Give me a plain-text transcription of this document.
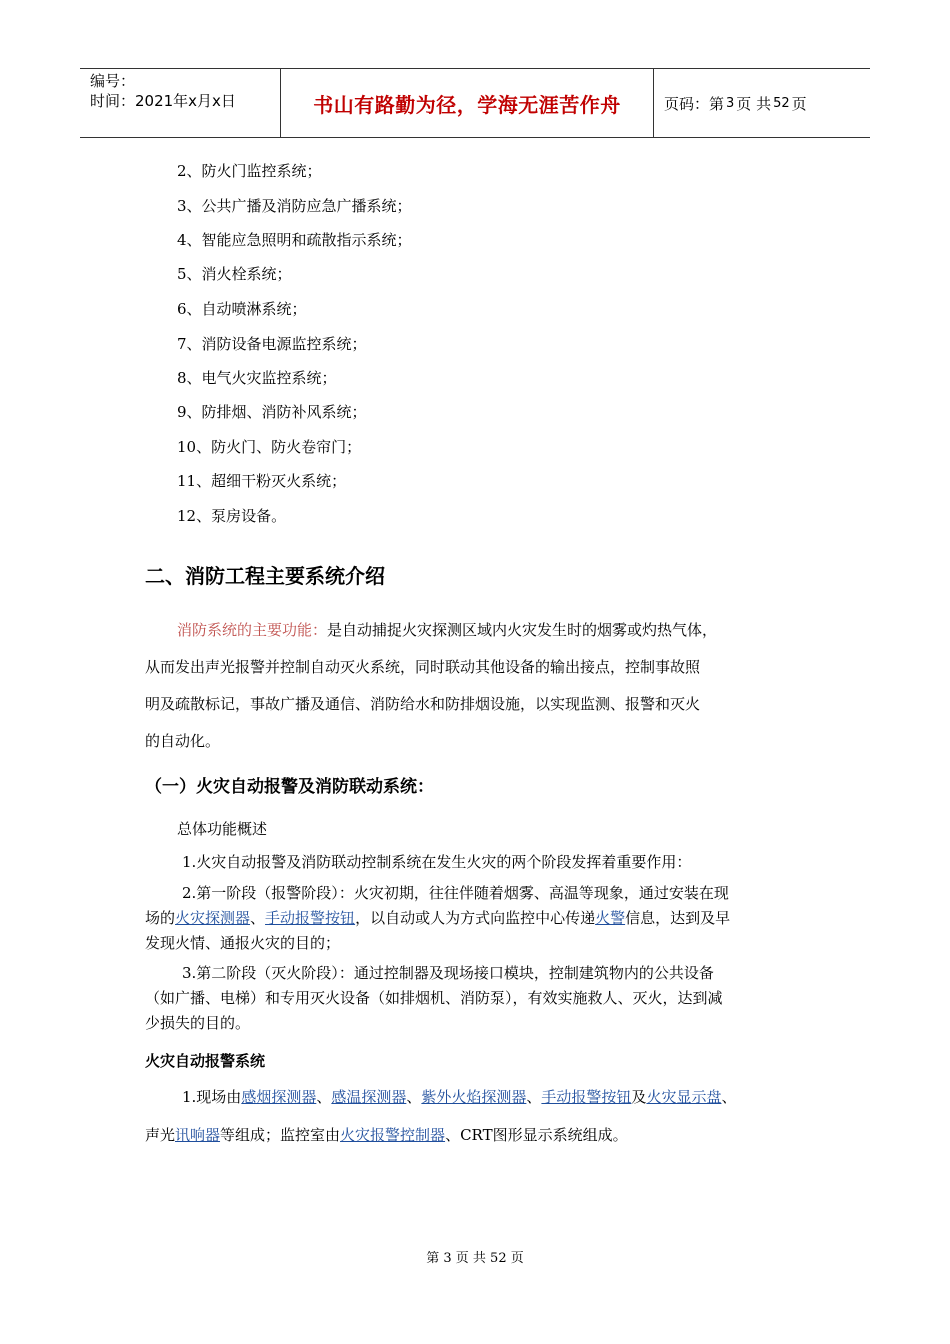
编号：
时间：2021年x月x日	书山有路勤为径，学海无涯苦作舟	页码：第 3 页 共 52 页
2、防火门监控系统；
3、公共广播及消防应急广播系统；
4、智能应急照明和疏散指示系统；
5、消火栓系统；
6、自动喷淋系统；
7、消防设备电源监控系统；
8、电气火灾监控系统；
9、防排烟、消防补风系统；
10、防火门、防火卷帘门；
11、超细干粉灭火系统；
12、泵房设备。
二、消防工程主要系统介绍
消防系统的主要功能：是自动捕捉火灾探测区域内火灾发生时的烟雾或灼热气体，
从而发出声光报警并控制自动灭火系统，同时联动其他设备的输出接点，控制事故照
明及疏散标记，事故广播及通信、消防给水和防排烟设施，以实现监测、报警和灭火
的自动化。
（一）火灾自动报警及消防联动系统：
总体功能概述
1.火灾自动报警及消防联动控制系统在发生火灾的两个阶段发挥着重要作用：
2.第一阶段（报警阶段）：火灾初期，往往伴随着烟雾、高温等现象，通过安装在现
场的火灾探测器、手动报警按钮，以自动或人为方式向监控中心传递火警信息，达到及早
发现火情、通报火灾的目的；
3.第二阶段（灭火阶段）：通过控制器及现场接口模块，控制建筑物内的公共设备
（如广播、电梯）和专用灭火设备（如排烟机、消防泵），有效实施救人、灭火，达到减
少损失的目的。
火灾自动报警系统
1.现场由感烟探测器、感温探测器、紫外火焰探测器、手动报警按钮及火灾显示盘、
声光讯响器等组成；监控室由火灾报警控制器、CRT图形显示系统组成。
第 3 页 共 52 页
